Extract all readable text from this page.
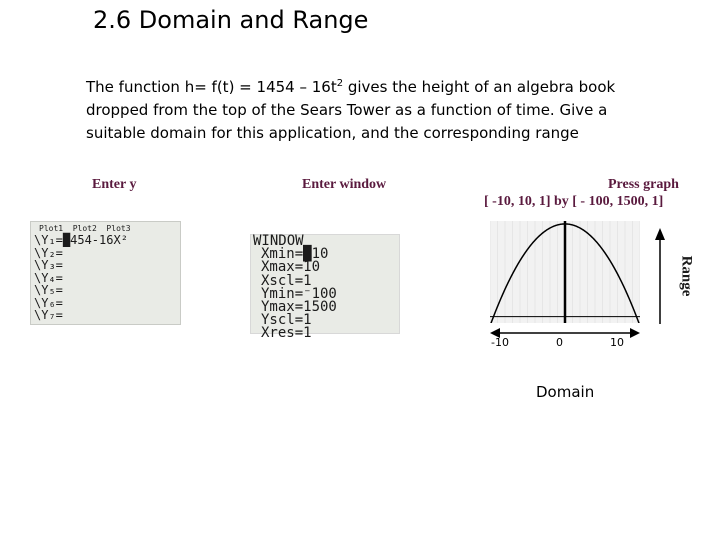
2.6 Domain and Range
The function $h= f(t) = 1454 - 16t^2$ gives the height of an algebra book
dropped from the top of the Sears Tower as a function of time. Give a
suitable domain for this application, and the corresponding range
Enter y	Enter window	Press graph
[ -10, 10, 1] by [ - 100, 1500, 1]
Plot1  Plot2  Plot3
\Y₁=█454-16X²
\Y₂=
\Y₃=
\Y₄=
\Y₅=
\Y₆=
\Y₇=
WINDOW
Xmin=█10
Xmax=10
Xscl=1
Ymin=⁻100
Ymax=1500
Yscl=1
Xres=1
Range
-10	0	10
Domain
